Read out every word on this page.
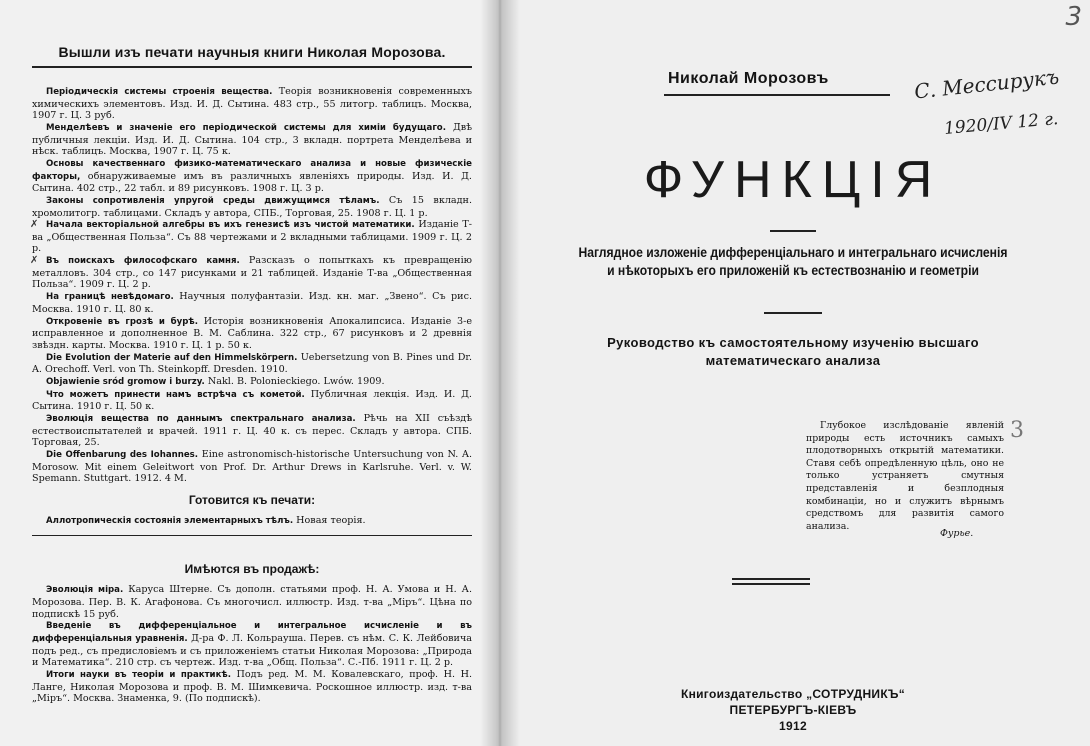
Вышли изъ печати научныя книги Николая Морозова.
Періодическія системы строенія вещества. Теорія возникновенія современныхъ химическихъ элементовъ. Изд. И. Д. Сытина. 483 стр., 55 литогр. таблицъ. Москва, 1907 г. Ц. 3 руб.
Менделѣевъ и значеніе его періодической системы для химіи будущаго. Двѣ публичныя лекціи. Изд. И. Д. Сытина. 104 стр., 3 вкладн. портрета Менделѣева и нѣск. таблицъ. Москва, 1907 г. Ц. 75 к.
Основы качественнаго физико-математическаго анализа и новые физическіе факторы, обнаруживаемые имъ въ различныхъ явленіяхъ природы. Изд. И. Д. Сытина. 402 стр., 22 табл. и 89 рисунковъ. 1908 г. Ц. 3 р.
Законы сопротивленія упругой среды движущимся тѣламъ. Съ 15 вкладн. хромолитогр. таблицами. Складъ у автора, СПБ., Торговая, 25. 1908 г. Ц. 1 р.
✗ Начала векторіальной алгебры въ ихъ генезисѣ изъ чистой математики. Изданіе Т-ва „Общественная Польза“. Съ 88 чертежами и 2 вкладными таблицами. 1909 г. Ц. 2 р.
✗ Въ поискахъ философскаго камня. Разсказъ о попыткахъ къ превращенію металловъ. 304 стр., со 147 рисунками и 21 таблицей. Изданіе Т-ва „Общественная Польза“. 1909 г. Ц. 2 р.
На границѣ невѣдомаго. Научныя полуфантазіи. Изд. кн. маг. „Звено“. Съ рис. Москва. 1910 г. Ц. 80 к.
Откровеніе въ грозѣ и бурѣ. Исторія возникновенія Апокалипсиса. Изданіе 3-е исправленное и дополненное В. М. Саблина. 322 стр., 67 рисунковъ и 2 древнія звѣздн. карты. Москва. 1910 г. Ц. 1 р. 50 к.
Die Evolution der Materie auf den Himmelskörpern. Uebersetzung von B. Pines und Dr. A. Orechoff. Verl. von Th. Steinkopff. Dresden. 1910.
Objawienie sród gromow i burzy. Nakl. B. Polonieckiego. Lwów. 1909.
Что можетъ принести намъ встрѣча съ кометой. Публичная лекція. Изд. И. Д. Сытина. 1910 г. Ц. 50 к.
Эволюція вещества по даннымъ спектральнаго анализа. Рѣчь на XII съѣздѣ естествоиспытателей и врачей. 1911 г. Ц. 40 к. съ перес. Складъ у автора. СПБ. Торговая, 25.
Die Offenbarung des Iohannes. Eine astronomisch-historische Untersuchung von N. A. Morosow. Mit einem Geleitwort von Prof. Dr. Arthur Drews in Karlsruhe. Verl. v. W. Spemann. Stuttgart. 1912. 4 M.
Готовится къ печати:
Аллотропическія состоянія элементарныхъ тѣлъ. Новая теорія.
Имѣются въ продажѣ:
Эволюція міра. Каруса Штерне. Съ дополн. статьями проф. Н. А. Умова и Н. А. Морозова. Пер. В. К. Агафонова. Съ многочисл. иллюстр. Изд. т-ва „Міръ“. Цѣна по подпискѣ 15 руб.
Введеніе въ дифференціальное и интегральное исчисленіе и въ дифференціальныя уравненія. Д-ра Ф. Л. Кольрауша. Перев. съ нѣм. С. К. Лейбовича подъ ред., съ предисловіемъ и съ приложеніемъ статьи Николая Морозова: „Природа и Математика“. 210 стр. съ чертеж. Изд. т-ва „Общ. Польза“. С.-Пб. 1911 г. Ц. 2 р.
Итоги науки въ теоріи и практикѣ. Подъ ред. М. М. Ковалевскаго, проф. Н. Н. Ланге, Николая Морозова и проф. В. М. Шимкевича. Роскошное иллюстр. изд. т-ва „Міръ“. Москва. Знаменка, 9. (По подпискѣ).
3
Николай Морозовъ	С. Мессирукъ
1920/IV 12 г.
ФУНКЦІЯ
Наглядное изложеніе дифференціальнаго и интегральнаго исчисленія
и нѣкоторыхъ его приложеній къ естествознанію и геометріи
Руководство къ самостоятельному изученію высшаго
математическаго анализа
Глубокое изслѣдованіе явленій природы есть источникъ самыхъ плодотворныхъ открытій математики. Ставя себѣ опредѣленную цѣль, оно не только устраняетъ смутныя представленія и безплодныя комбинаціи, но и служитъ вѣрнымъ средствомъ для развитія самого анализа.
Фурье.
3
Книгоиздательство „СОТРУДНИКЪ“
ПЕТЕРБУРГЪ-КІЕВЪ
1912
